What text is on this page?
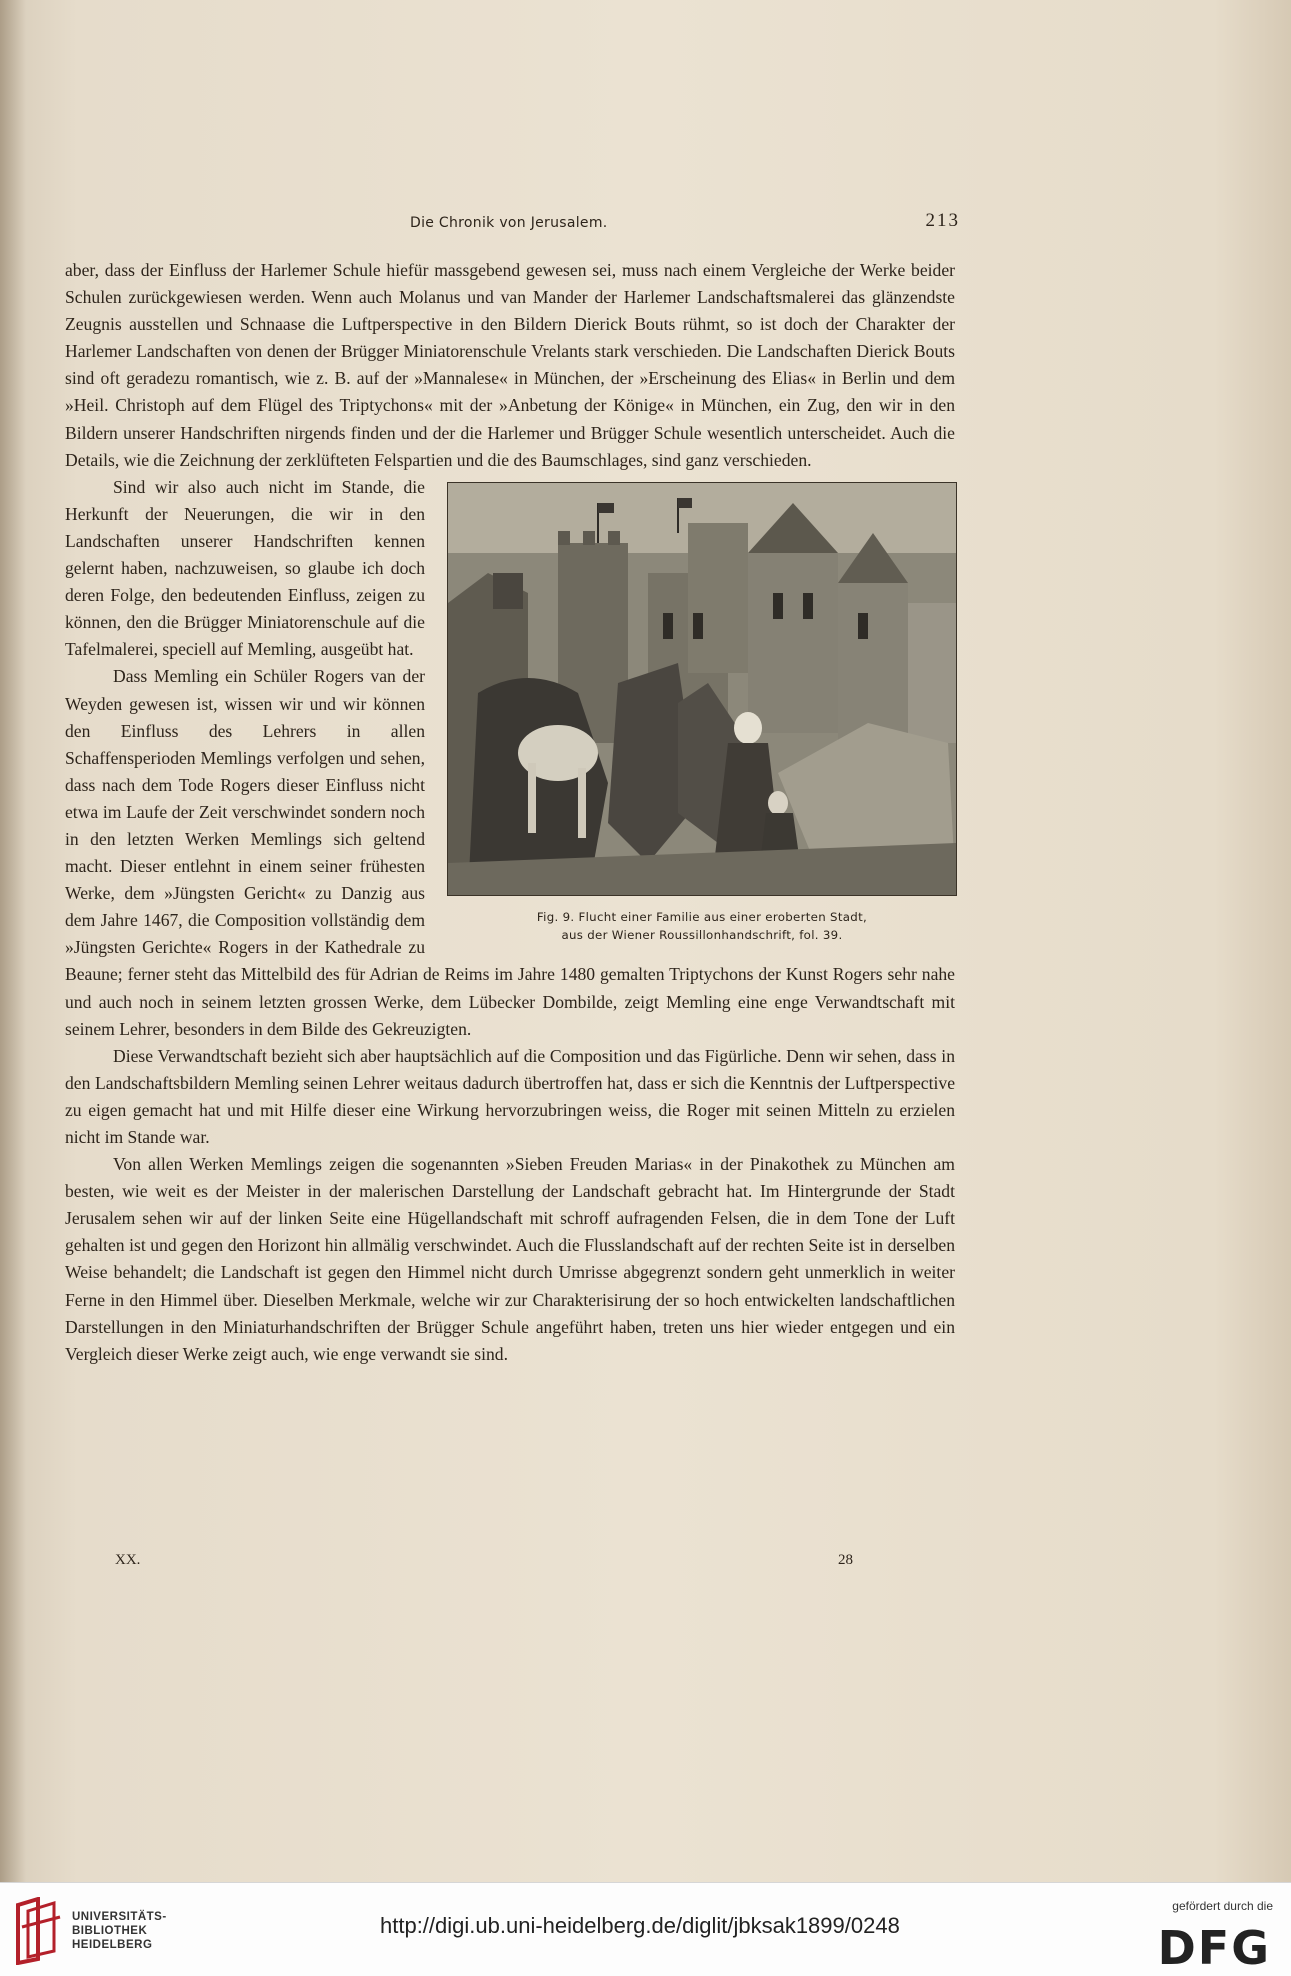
Die Chronik von Jerusalem.	213

aber, dass der Einfluss der Harlemer Schule hiefür massgebend gewesen sei, muss nach einem Vergleiche der Werke beider Schulen zurückgewiesen werden. Wenn auch Molanus und van Mander der Harlemer Landschaftsmalerei das glänzendste Zeugnis ausstellen und Schnaase die Luftperspective in den Bildern Dierick Bouts rühmt, so ist doch der Charakter der Harlemer Landschaften von denen der Brügger Miniatorenschule Vrelants stark verschieden. Die Landschaften Dierick Bouts sind oft geradezu romantisch, wie z. B. auf der »Mannalese« in München, der »Erscheinung des Elias« in Berlin und dem »Heil. Christoph auf dem Flügel des Triptychons« mit der »Anbetung der Könige« in München, ein Zug, den wir in den Bildern unserer Handschriften nirgends finden und der die Harlemer und Brügger Schule wesentlich unterscheidet. Auch die Details, wie die Zeichnung der zerklüfteten Felspartien und die des Baumschlages, sind ganz verschieden.

Fig. 9. Flucht einer Familie aus einer eroberten Stadt,
aus der Wiener Roussillonhandschrift, fol. 39.

Sind wir also auch nicht im Stande, die Herkunft der Neuerungen, die wir in den Landschaften unserer Handschriften kennen gelernt haben, nachzuweisen, so glaube ich doch deren Folge, den bedeutenden Einfluss, zeigen zu können, den die Brügger Miniatorenschule auf die Tafelmalerei, speciell auf Memling, ausgeübt hat.

Dass Memling ein Schüler Rogers van der Weyden gewesen ist, wissen wir und wir können den Einfluss des Lehrers in allen Schaffensperioden Memlings verfolgen und sehen, dass nach dem Tode Rogers dieser Einfluss nicht etwa im Laufe der Zeit verschwindet sondern noch in den letzten Werken Memlings sich geltend macht. Dieser entlehnt in einem seiner frühesten Werke, dem »Jüngsten Gericht« zu Danzig aus dem Jahre 1467, die Composition vollständig dem »Jüngsten Gerichte« Rogers in der Kathedrale zu Beaune; ferner steht das Mittelbild des für Adrian de Reims im Jahre 1480 gemalten Triptychons der Kunst Rogers sehr nahe und auch noch in seinem letzten grossen Werke, dem Lübecker Dombilde, zeigt Memling eine enge Verwandtschaft mit seinem Lehrer, besonders in dem Bilde des Gekreuzigten.

Diese Verwandtschaft bezieht sich aber hauptsächlich auf die Composition und das Figürliche. Denn wir sehen, dass in den Landschaftsbildern Memling seinen Lehrer weitaus dadurch übertroffen hat, dass er sich die Kenntnis der Luftperspective zu eigen gemacht hat und mit Hilfe dieser eine Wirkung hervorzubringen weiss, die Roger mit seinen Mitteln zu erzielen nicht im Stande war.

Von allen Werken Memlings zeigen die sogenannten »Sieben Freuden Marias« in der Pinakothek zu München am besten, wie weit es der Meister in der malerischen Darstellung der Landschaft gebracht hat. Im Hintergrunde der Stadt Jerusalem sehen wir auf der linken Seite eine Hügellandschaft mit schroff aufragenden Felsen, die in dem Tone der Luft gehalten ist und gegen den Horizont hin allmälig verschwindet. Auch die Flusslandschaft auf der rechten Seite ist in derselben Weise behandelt; die Landschaft ist gegen den Himmel nicht durch Umrisse abgegrenzt sondern geht unmerklich in weiter Ferne in den Himmel über. Dieselben Merkmale, welche wir zur Charakterisirung der so hoch entwickelten landschaftlichen Darstellungen in den Miniaturhandschriften der Brügger Schule angeführt haben, treten uns hier wieder entgegen und ein Vergleich dieser Werke zeigt auch, wie enge verwandt sie sind.

XX.	28
UNIVERSITÄTS-
BIBLIOTHEK
HEIDELBERG
http://digi.ub.uni-heidelberg.de/diglit/jbksak1899/0248
gefördert durch die
DFG
